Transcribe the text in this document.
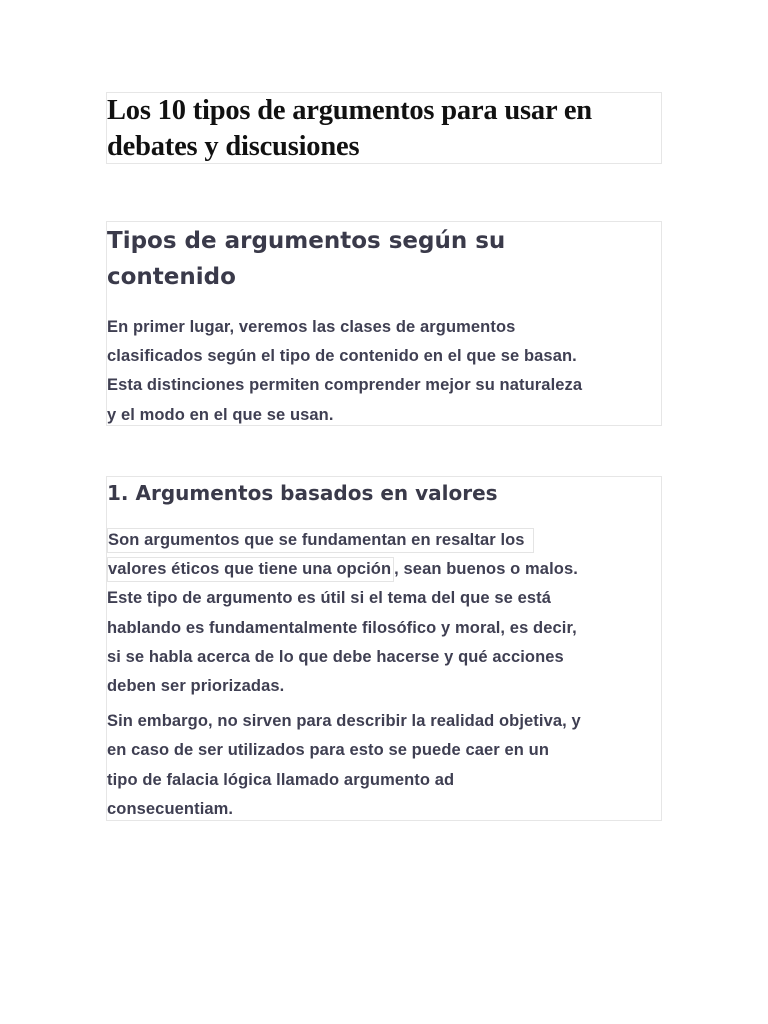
Los 10 tipos de argumentos para usar en
debates y discusiones
Tipos de argumentos según su
contenido

En primer lugar, veremos las clases de argumentos
clasificados según el tipo de contenido en el que se basan.
Esta distinciones permiten comprender mejor su naturaleza
y el modo en el que se usan.

1. Argumentos basados en valores

Son argumentos que se fundamentan en resaltar los
valores éticos que tiene una opción , sean buenos o malos.
Este tipo de argumento es útil si el tema del que se está
hablando es fundamentalmente filosófico y moral, es decir,
si se habla acerca de lo que debe hacerse y qué acciones
deben ser priorizadas.

Sin embargo, no sirven para describir la realidad objetiva, y
en caso de ser utilizados para esto se puede caer en un
tipo de falacia lógica llamado argumento ad
consecuentiam.
